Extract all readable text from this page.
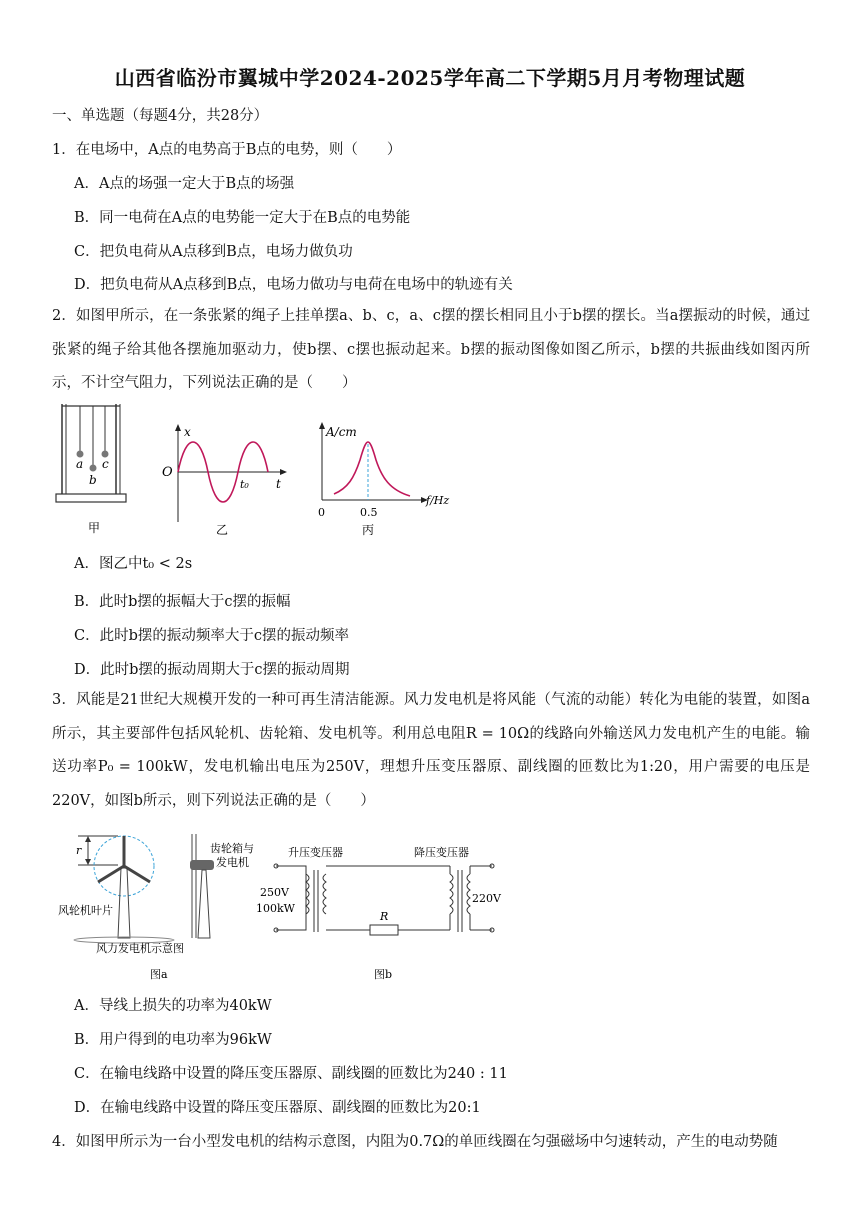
山西省临汾市翼城中学2024-2025学年高二下学期5月月考物理试题
一、单选题（每题4分，共28分）
1．在电场中，A点的电势高于B点的电势，则（　　）
A．A点的场强一定大于B点的场强
B．同一电荷在A点的电势能一定大于在B点的电势能
C．把负电荷从A点移到B点，电场力做负功
D．把负电荷从A点移到B点，电场力做功与电荷在电场中的轨迹有关
2．如图甲所示，在一条张紧的绳子上挂单摆a、b、c，a、c摆的摆长相同且小于b摆的摆长。当a摆振动的时候，通过张紧的绳子给其他各摆施加驱动力，使b摆、c摆也振动起来。b摆的振动图像如图乙所示，b摆的共振曲线如图丙所示，不计空气阻力，下列说法正确的是（　　）
a
b
c
甲
x
O
t₀ t
乙
A/cm
f/Hz
0	0.5
丙
A．图乙中t₀ < 2s
B．此时b摆的振幅大于c摆的振幅
C．此时b摆的振动频率大于c摆的振动频率
D．此时b摆的振动周期大于c摆的振动周期
3．风能是21世纪大规模开发的一种可再生清洁能源。风力发电机是将风能（气流的动能）转化为电能的装置，如图a所示，其主要部件包括风轮机、齿轮箱、发电机等。利用总电阻R = 10Ω的线路向外输送风力发电机产生的电能。输送功率P₀ = 100kW，发电机输出电压为250V，理想升压变压器原、副线圈的匝数比为1:20，用户需要的电压是220V，如图b所示，则下列说法正确的是（　　）
r	齿轮箱与
发电机
风轮机叶片
风力发电机示意图
图a
升压变压器	降压变压器
R
250V
100kW
220V
图b
A．导线上损失的功率为40kW
B．用户得到的电功率为96kW
C．在输电线路中设置的降压变压器原、副线圈的匝数比为240 : 11
D．在输电线路中设置的降压变压器原、副线圈的匝数比为20:1
4．如图甲所示为一台小型发电机的结构示意图，内阻为0.7Ω的单匝线圈在匀强磁场中匀速转动，产生的电动势随
